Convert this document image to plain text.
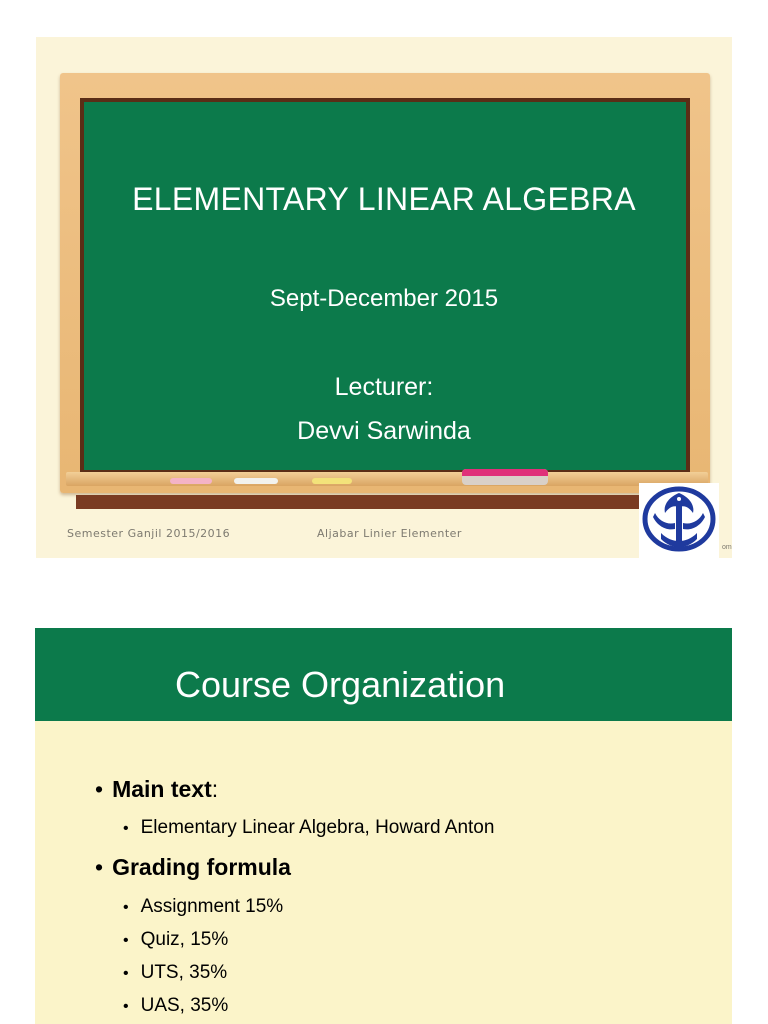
ELEMENTARY LINEAR ALGEBRA
Sept-December 2015
Lecturer:
Devvi Sarwinda
Semester Ganjil 2015/2016	Aljabar Linier Elementer
om
Course Organization
• Main text:
• Elementary Linear Algebra, Howard Anton
• Grading formula
• Assignment 15%
• Quiz, 15%
• UTS, 35%
• UAS, 35%
